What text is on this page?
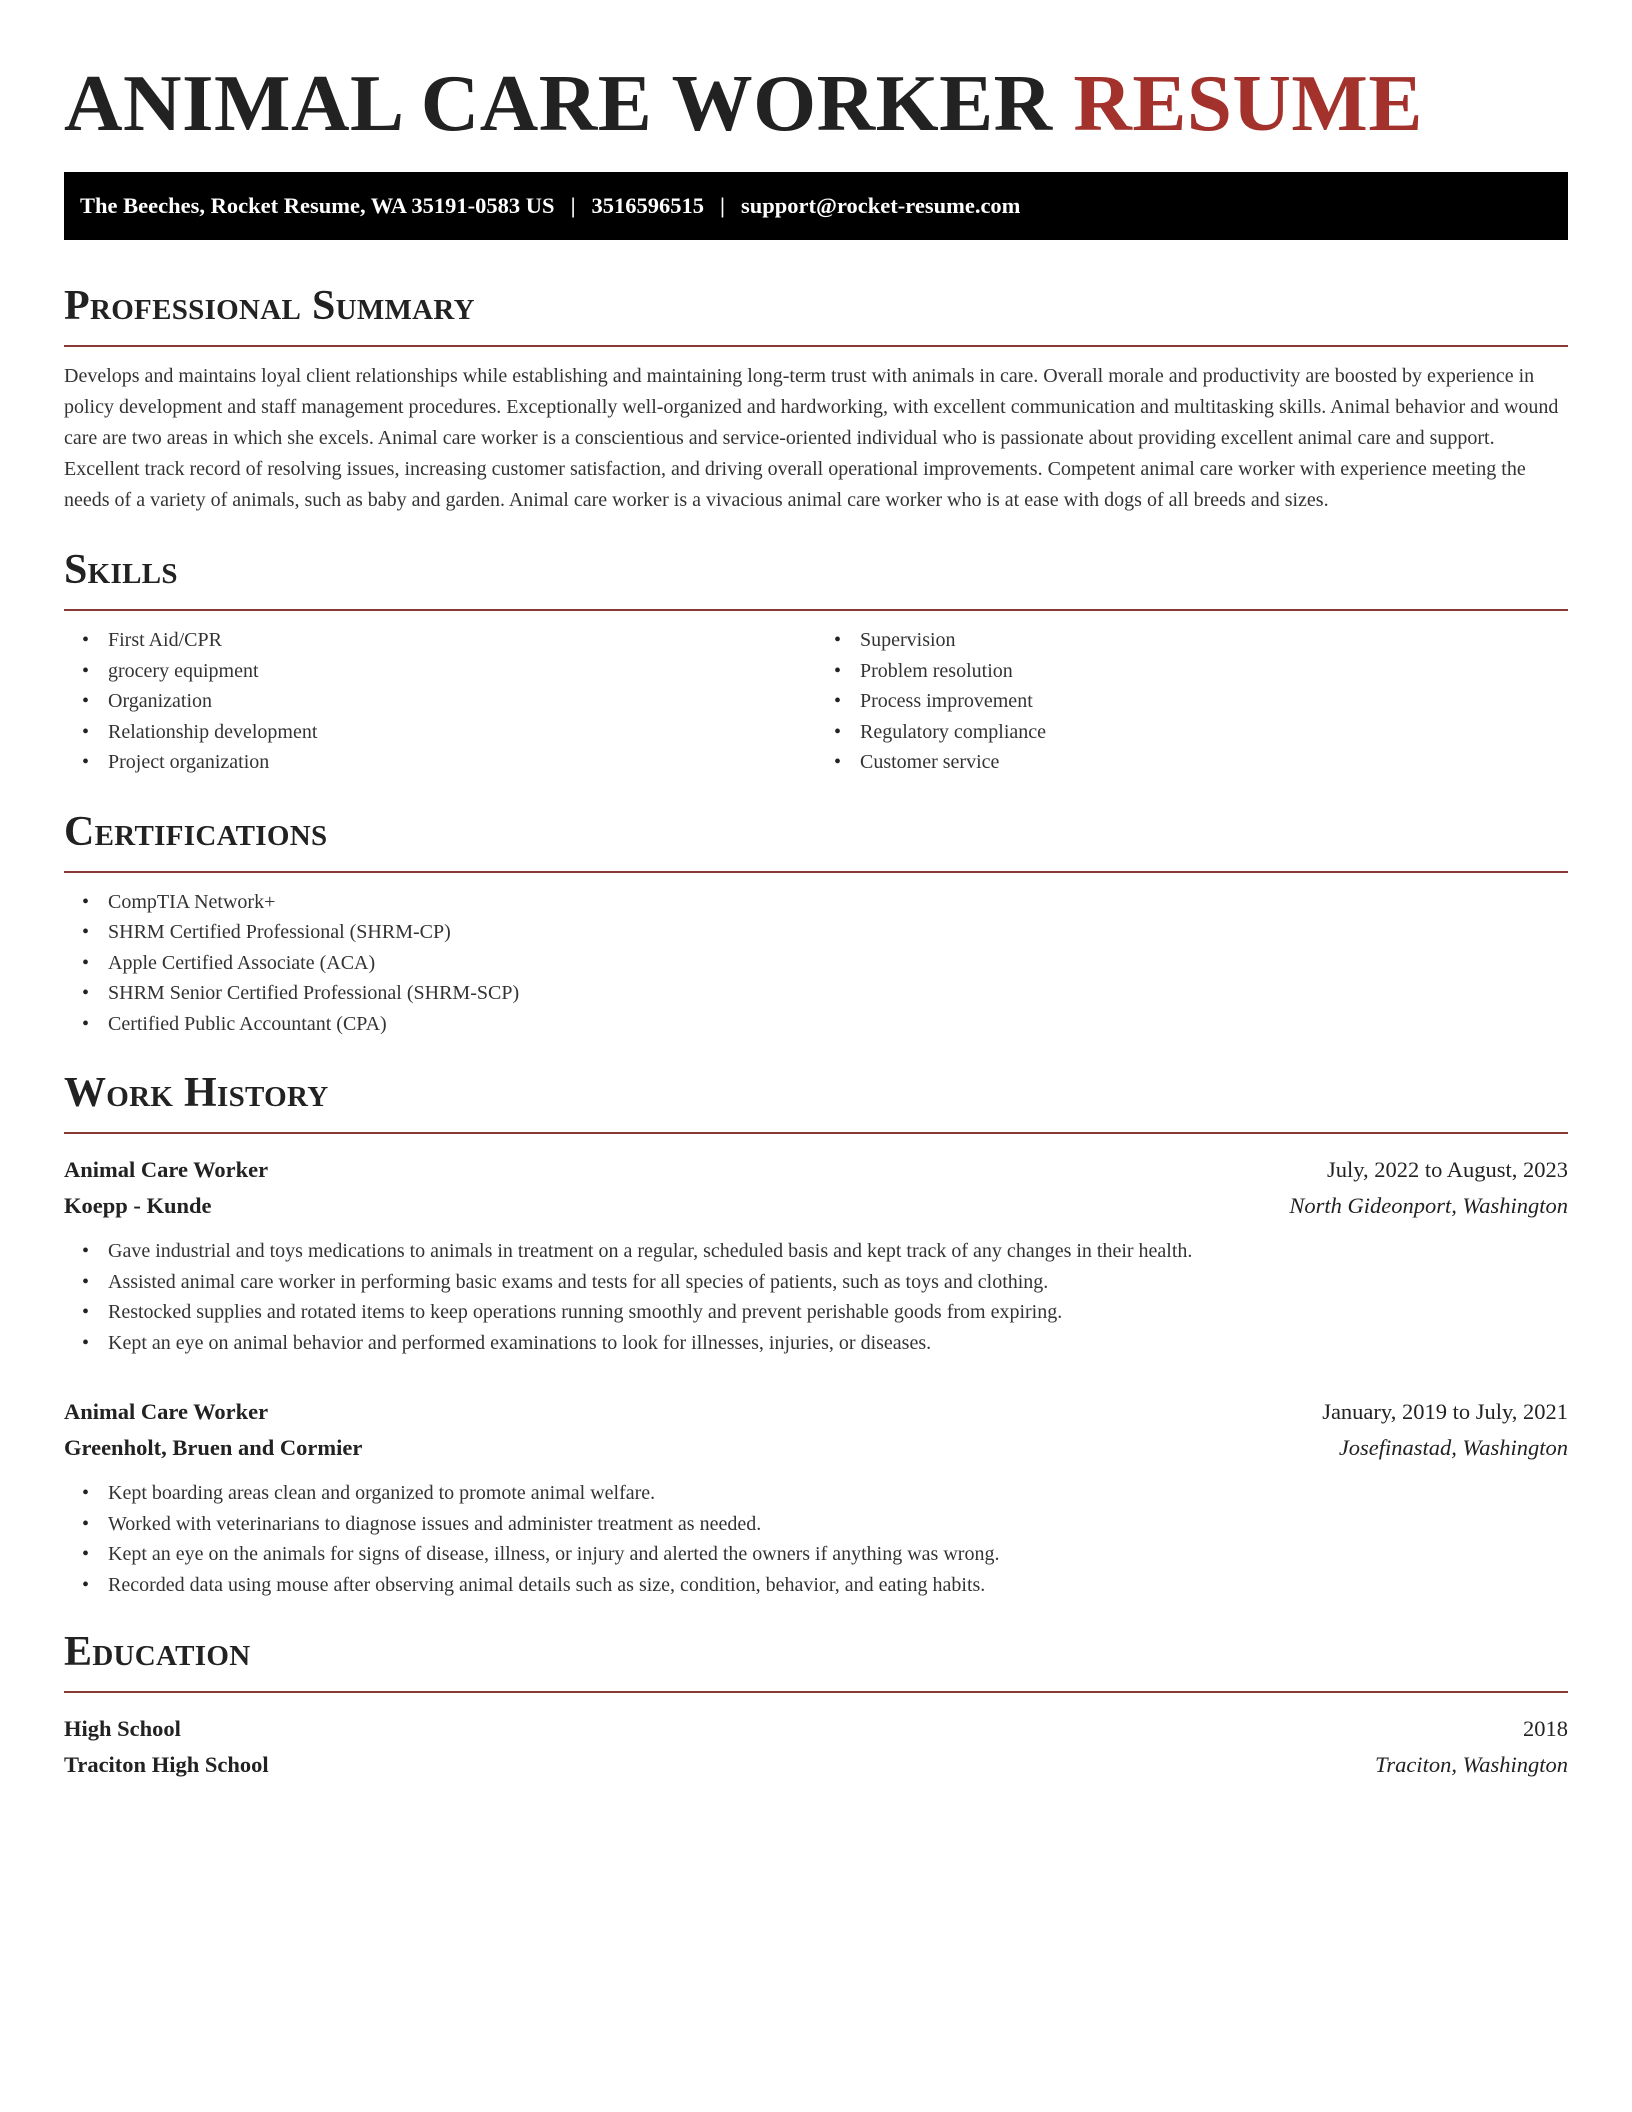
ANIMAL CARE WORKER RESUME
The Beeches, Rocket Resume, WA 35191-0583 US | 3516596515 | support@rocket-resume.com
Professional Summary

Develops and maintains loyal client relationships while establishing and maintaining long-term trust with animals in care. Overall morale and productivity are boosted by experience in policy development and staff management procedures. Exceptionally well-organized and hardworking, with excellent communication and multitasking skills. Animal behavior and wound care are two areas in which she excels. Animal care worker is a conscientious and service-oriented individual who is passionate about providing excellent animal care and support. Excellent track record of resolving issues, increasing customer satisfaction, and driving overall operational improvements. Competent animal care worker with experience meeting the needs of a variety of animals, such as baby and garden. Animal care worker is a vivacious animal care worker who is at ease with dogs of all breeds and sizes.

Skills
• First Aid/CPR
• grocery equipment
• Organization
• Relationship development
• Project organization
• Supervision
• Problem resolution
• Process improvement
• Regulatory compliance
• Customer service
Certifications
• CompTIA Network+
• SHRM Certified Professional (SHRM-CP)
• Apple Certified Associate (ACA)
• SHRM Senior Certified Professional (SHRM-SCP)
• Certified Public Accountant (CPA)
Work History
Animal Care Worker	July, 2022 to August, 2023
Koepp - Kunde	North Gideonport, Washington
• Gave industrial and toys medications to animals in treatment on a regular, scheduled basis and kept track of any changes in their health.
• Assisted animal care worker in performing basic exams and tests for all species of patients, such as toys and clothing.
• Restocked supplies and rotated items to keep operations running smoothly and prevent perishable goods from expiring.
• Kept an eye on animal behavior and performed examinations to look for illnesses, injuries, or diseases.
Animal Care Worker	January, 2019 to July, 2021
Greenholt, Bruen and Cormier	Josefinastad, Washington
• Kept boarding areas clean and organized to promote animal welfare.
• Worked with veterinarians to diagnose issues and administer treatment as needed.
• Kept an eye on the animals for signs of disease, illness, or injury and alerted the owners if anything was wrong.
• Recorded data using mouse after observing animal details such as size, condition, behavior, and eating habits.
Education
High School	2018
Traciton High School	Traciton, Washington
